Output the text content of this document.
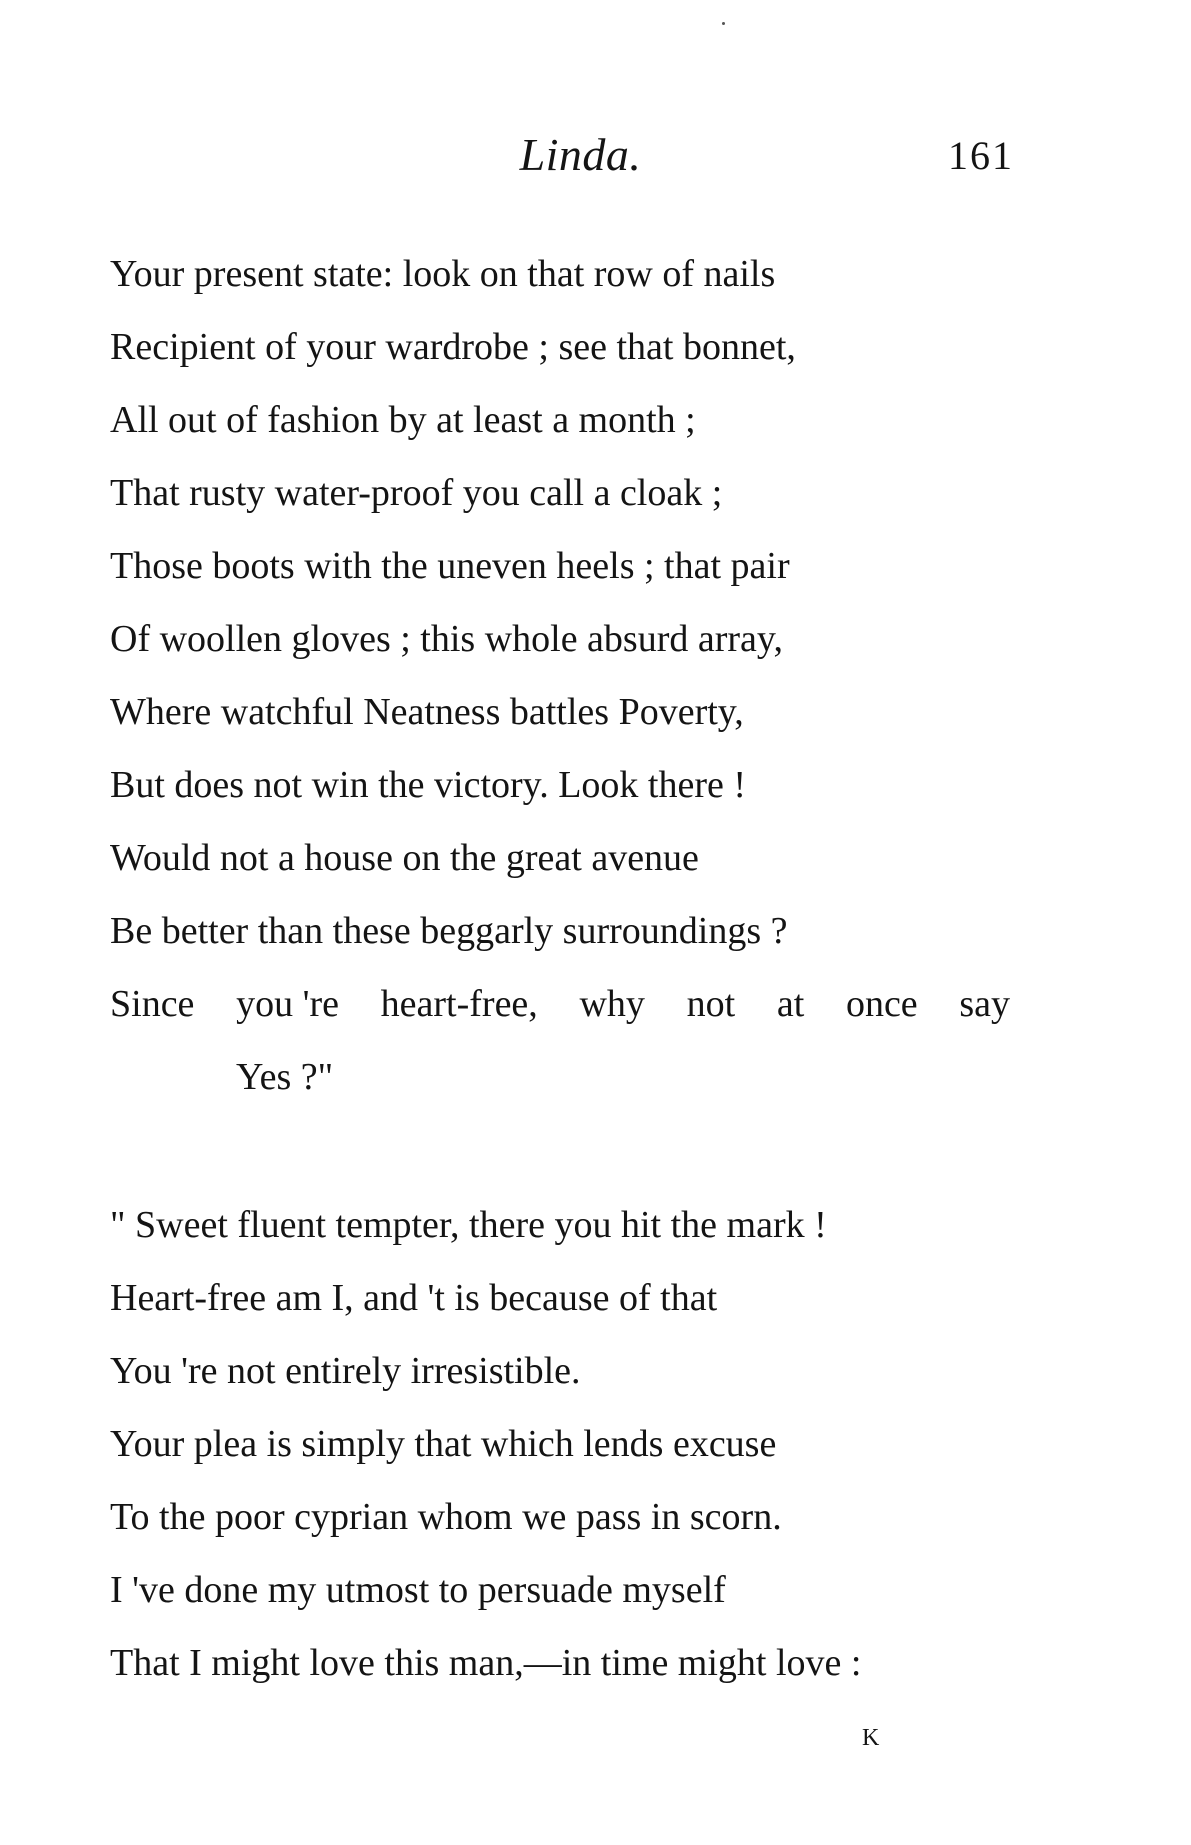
Linda.	161
Your present state: look on that row of nails
Recipient of your wardrobe ; see that bonnet,
All out of fashion by at least a month ;
That rusty water-proof you call a cloak ;
Those boots with the uneven heels ; that pair
Of woollen gloves ; this whole absurd array,
Where watchful Neatness battles Poverty,
But does not win the victory. Look there !
Would not a house on the great avenue
Be better than these beggarly surroundings ?
Since you 're heart-free, why not at once say
Yes ?"
" Sweet fluent tempter, there you hit the mark !
Heart-free am I, and 't is because of that
You 're not entirely irresistible.
Your plea is simply that which lends excuse
To the poor cyprian whom we pass in scorn.
I 've done my utmost to persuade myself
That I might love this man,—in time might love :
K
